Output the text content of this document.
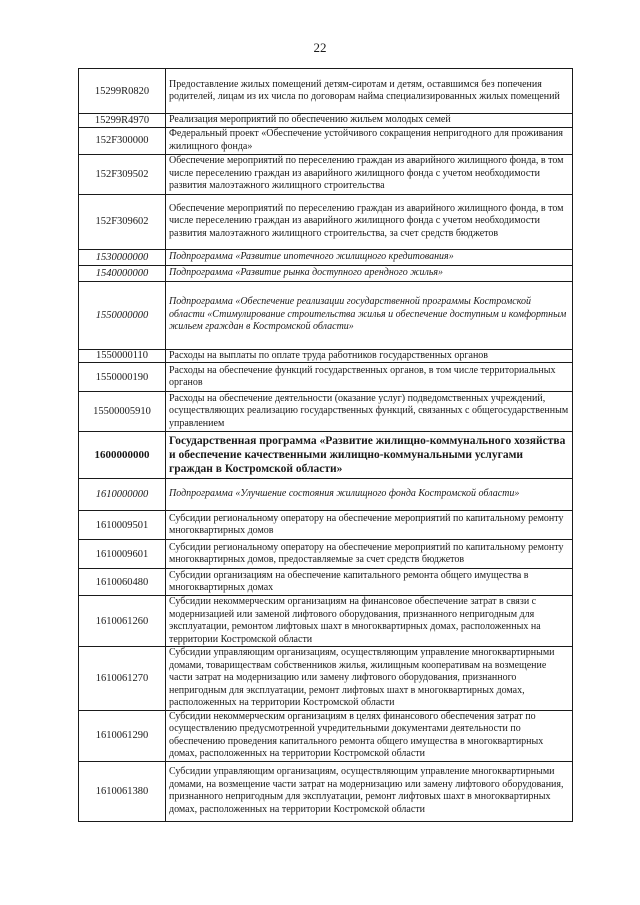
22
15299R0820	Предоставление жилых помещений детям-сиротам и детям, оставшимся без попечения родителей, лицам из их числа по договорам найма специализированных жилых помещений
15299R4970	Реализация мероприятий по обеспечению жильем молодых семей
152F300000	Федеральный проект «Обеспечение устойчивого сокращения непригодного для проживания жилищного фонда»
152F309502	Обеспечение мероприятий по переселению граждан из аварийного жилищного фонда, в том числе переселению граждан из аварийного жилищного фонда с учетом необходимости развития малоэтажного жилищного строительства
152F309602	Обеспечение мероприятий по переселению граждан из аварийного жилищного фонда, в том числе переселению граждан из аварийного жилищного фонда с учетом необходимости развития малоэтажного жилищного строительства, за счет средств бюджетов
1530000000	Подпрограмма «Развитие ипотечного жилищного кредитования»
1540000000	Подпрограмма «Развитие рынка доступного арендного жилья»
1550000000	Подпрограмма «Обеспечение реализации государственной программы Костромской области «Стимулирование строительства жилья и обеспечение доступным и комфортным жильем граждан в Костромской области»
1550000110	Расходы на выплаты по оплате труда работников государственных органов
1550000190	Расходы на обеспечение функций государственных органов, в том числе территориальных органов
15500005910	Расходы на обеспечение деятельности (оказание услуг) подведомственных учреждений, осуществляющих реализацию государственных функций, связанных с общегосударственным управлением
1600000000	Государственная программа «Развитие жилищно-коммунального хозяйства и обеспечение качественными жилищно-коммунальными услугами граждан в Костромской области»
1610000000	Подпрограмма «Улучшение состояния жилищного фонда Костромской области»
1610009501	Субсидии региональному оператору на обеспечение мероприятий по капитальному ремонту многоквартирных домов
1610009601	Субсидии региональному оператору на обеспечение мероприятий по капитальному ремонту многоквартирных домов, предоставляемые за счет средств бюджетов
1610060480	Субсидии организациям на обеспечение капитального ремонта общего имущества в многоквартирных домах
1610061260	Субсидии некоммерческим организациям на финансовое обеспечение затрат в связи с модернизацией или заменой лифтового оборудования, признанного непригодным для эксплуатации, ремонтом лифтовых шахт в многоквартирных домах, расположенных на территории Костромской области
1610061270	Субсидии управляющим организациям, осуществляющим управление многоквартирными домами, товариществам собственников жилья, жилищным кооперативам на возмещение части затрат на модернизацию или замену лифтового оборудования, признанного непригодным для эксплуатации, ремонт лифтовых шахт в многоквартирных домах, расположенных на территории Костромской области
1610061290	Субсидии некоммерческим организациям в целях финансового обеспечения затрат по осуществлению предусмотренной учредительными документами деятельности по обеспечению проведения капитального ремонта общего имущества в многоквартирных домах, расположенных на территории Костромской области
1610061380	Субсидии управляющим организациям, осуществляющим управление многоквартирными домами, на возмещение части затрат на модернизацию или замену лифтового оборудования, признанного непригодным для эксплуатации, ремонт лифтовых шахт в многоквартирных домах, расположенных на территории Костромской области
